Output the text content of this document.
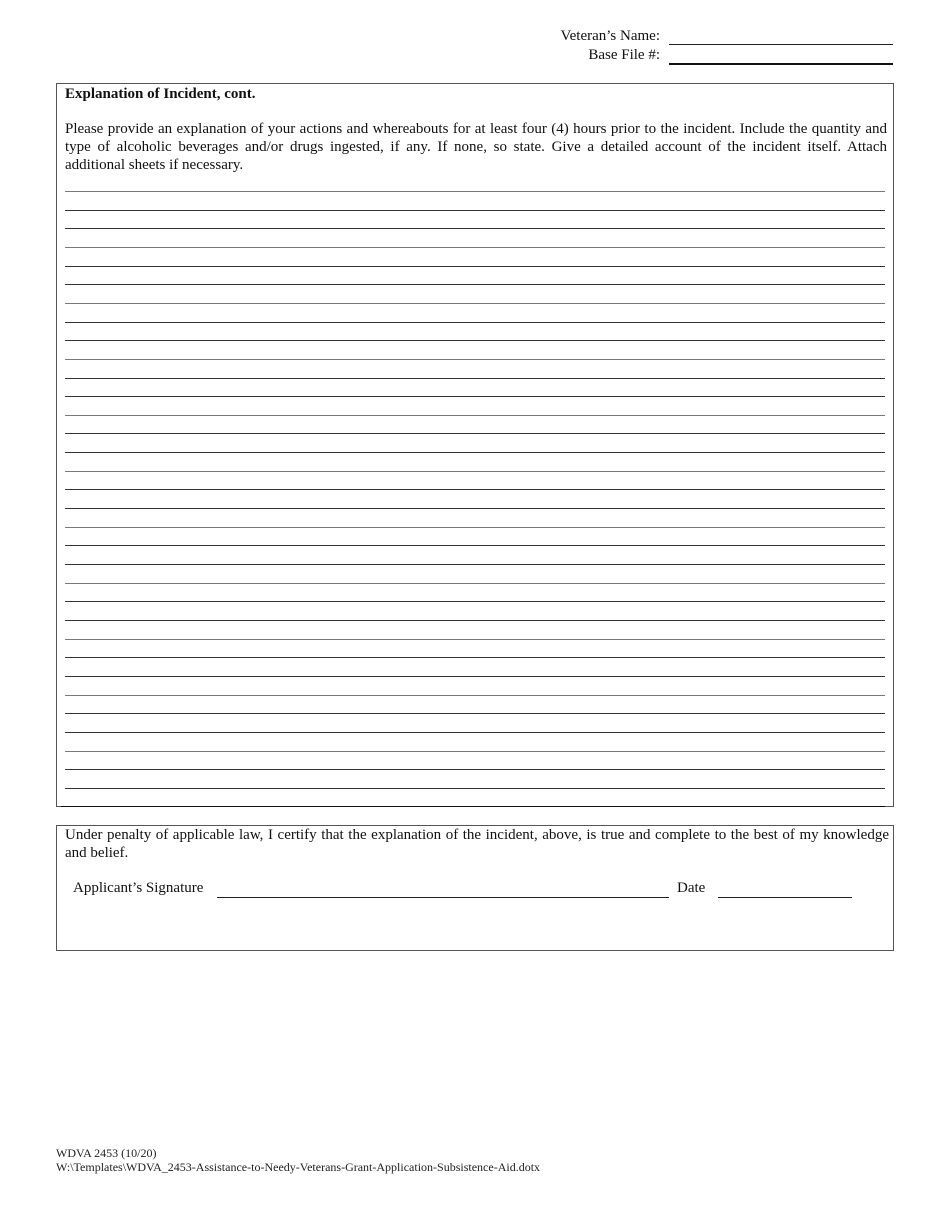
Veteran’s Name:
Base File #:
Explanation of Incident, cont.
Please provide an explanation of your actions and whereabouts for at least four (4) hours prior to the incident. Include the quantity and type of alcoholic beverages and/or drugs ingested, if any. If none, so state. Give a detailed account of the incident itself. Attach additional sheets if necessary.
Under penalty of applicable law, I certify that the explanation of the incident, above, is true and complete to the best of my knowledge and belief.
Applicant’s Signature	Date
WDVA 2453 (10/20)
W:\Templates\WDVA_2453-Assistance-to-Needy-Veterans-Grant-Application-Subsistence-Aid.dotx
